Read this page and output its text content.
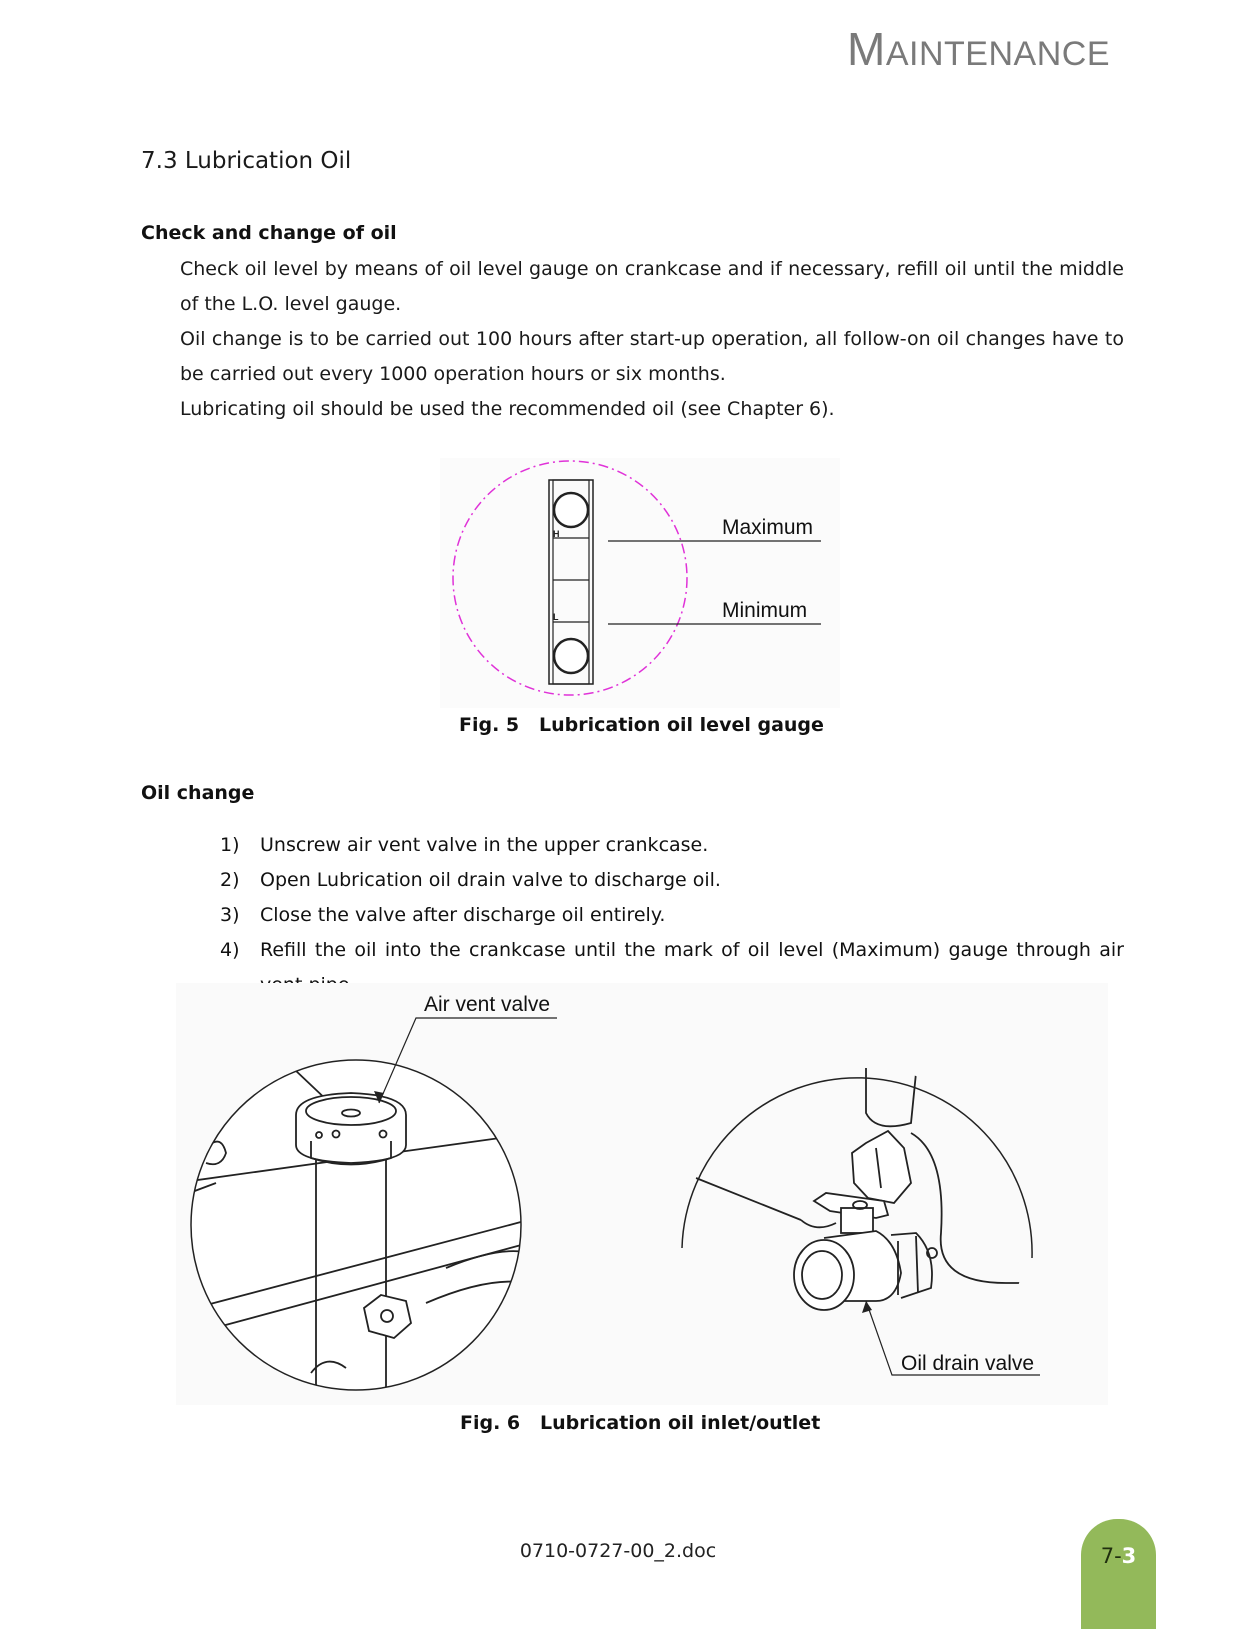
MAINTENANCE
7.3 Lubrication Oil
Check and change of oil
Check oil level by means of oil level gauge on crankcase and if necessary, refill oil until the middle of the L.O. level gauge.
Oil change is to be carried out 100 hours after start-up operation, all follow-on oil changes have to be carried out every 1000 operation hours or six months.
Lubricating oil should be used the recommended oil (see Chapter 6).
H
L
Maximum
Minimum
Fig. 5   Lubrication oil level gauge
Oil change
1) Unscrew air vent valve in the upper crankcase.
2) Open Lubrication oil drain valve to discharge oil.
3) Close the valve after discharge oil entirely.
4) Refill the oil into the crankcase until the mark of oil level (Maximum) gauge through air
Air vent valve
Oil drain valve
Fig. 6   Lubrication oil inlet/outlet
0710-0727-00_2.doc	7-3
